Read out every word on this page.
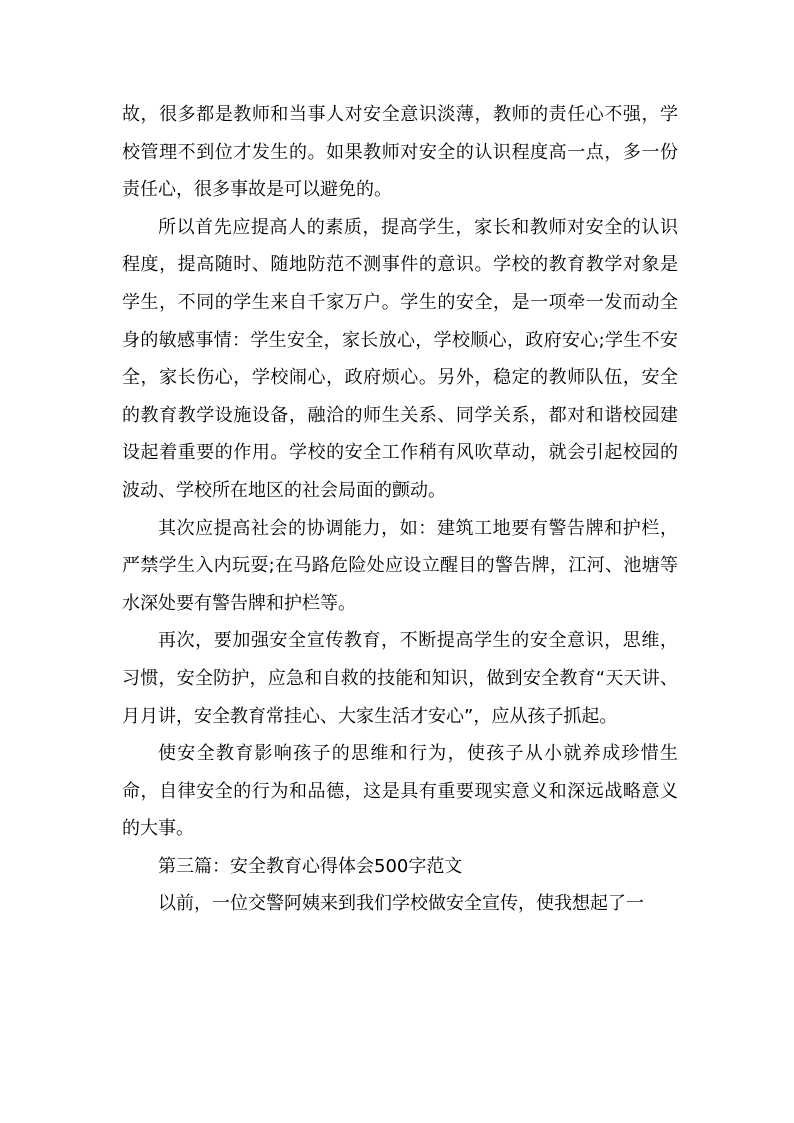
故，很多都是教师和当事人对安全意识淡薄，教师的责任心不强，学校管理不到位才发生的。如果教师对安全的认识程度高一点，多一份责任心，很多事故是可以避免的。

所以首先应提高人的素质，提高学生，家长和教师对安全的认识程度，提高随时、随地防范不测事件的意识。学校的教育教学对象是学生，不同的学生来自千家万户。学生的安全，是一项牵一发而动全身的敏感事情：学生安全，家长放心，学校顺心，政府安心;学生不安全，家长伤心，学校闹心，政府烦心。另外，稳定的教师队伍，安全的教育教学设施设备，融洽的师生关系、同学关系，都对和谐校园建设起着重要的作用。学校的安全工作稍有风吹草动，就会引起校园的波动、学校所在地区的社会局面的颤动。

其次应提高社会的协调能力，如：建筑工地要有警告牌和护栏，严禁学生入内玩耍;在马路危险处应设立醒目的警告牌，江河、池塘等水深处要有警告牌和护栏等。

再次，要加强安全宣传教育，不断提高学生的安全意识，思维，习惯，安全防护，应急和自救的技能和知识，做到安全教育“天天讲、月月讲，安全教育常挂心、大家生活才安心”，应从孩子抓起。

使安全教育影响孩子的思维和行为，使孩子从小就养成珍惜生命，自律安全的行为和品德，这是具有重要现实意义和深远战略意义的大事。

第三篇：安全教育心得体会500字范文

以前，一位交警阿姨来到我们学校做安全宣传，使我想起了一
